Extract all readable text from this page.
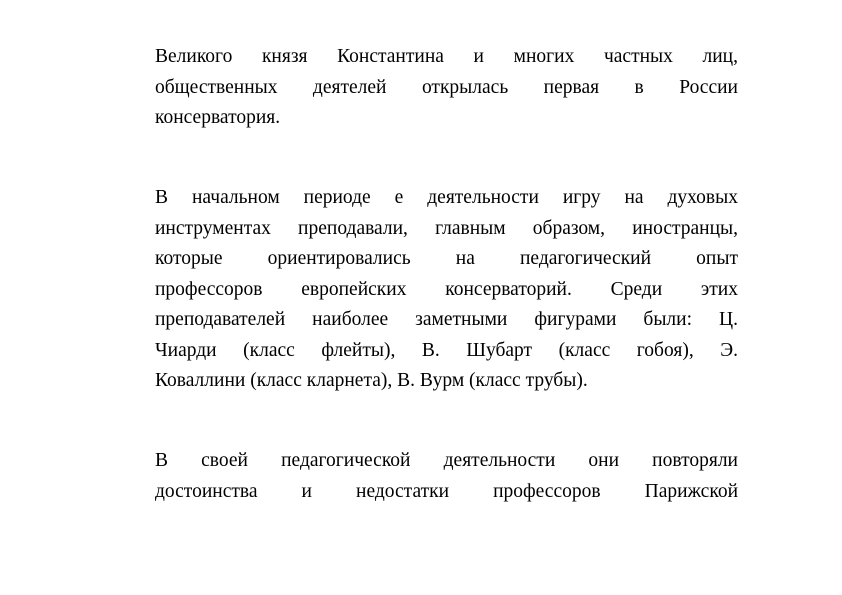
Великого князя Константина и многих частных лиц,
общественных деятелей открылась первая в России
консерватория.
В начальном периоде е деятельности игру на духовых
инструментах преподавали, главным образом, иностранцы,
которые ориентировались на педагогический опыт
профессоров европейских консерваторий. Среди этих
преподавателей наиболее заметными фигурами были: Ц.
Чиарди (класс флейты), В. Шубарт (класс гобоя), Э.
Коваллини (класс кларнета), В. Вурм (класс трубы).
В своей педагогической деятельности они повторяли
достоинства и недостатки профессоров Парижской
